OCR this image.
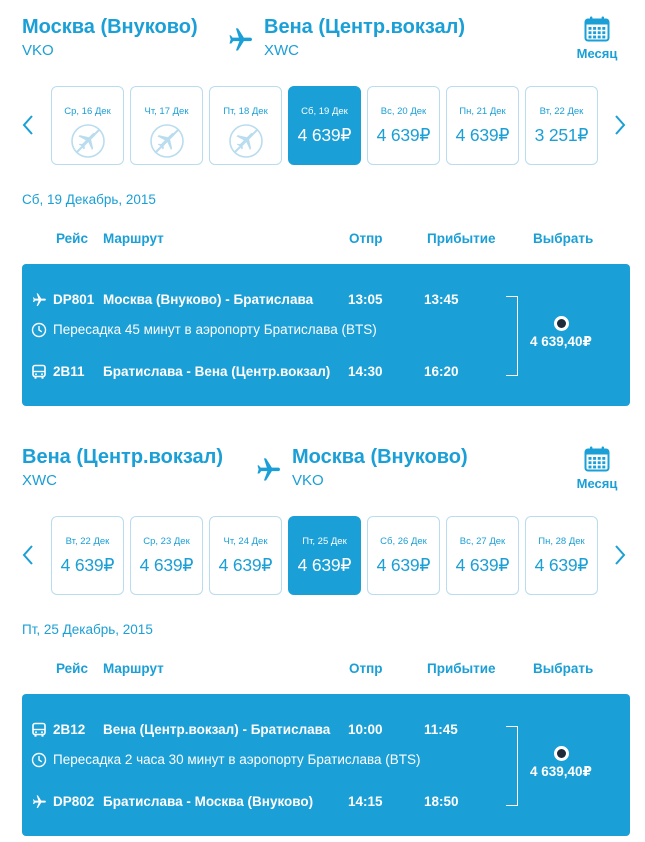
Москва (Внуково)
VKO
Вена (Центр.вокзал)
XWC	Месяц
Ср, 16 Дек	Чт, 17 Дек	Пт, 18 Дек	Сб, 19 Дек
4 639₽
Вс, 20 Дек
4 639₽
Пн, 21 Дек
4 639₽
Вт, 22 Дек
3 251₽
Сб, 19 Декабрь, 2015
Рейс Маршрут	Отпр	Прибытие	Выбрать
DP801 Москва (Внуково) - Братислава	13:05	13:45
Пересадка 45 минут в аэропорту Братислава (BTS)
2B11 Братислава - Вена (Центр.вокзал) 14:30	16:20
4 639,40₽
Вена (Центр.вокзал)
XWC
Москва (Внуково)
VKO	Месяц
Вт, 22 Дек
4 639₽
Ср, 23 Дек
4 639₽
Чт, 24 Дек
4 639₽
Пт, 25 Дек
4 639₽
Сб, 26 Дек
4 639₽
Вс, 27 Дек
4 639₽
Пн, 28 Дек
4 639₽
Пт, 25 Декабрь, 2015
Рейс Маршрут	Отпр	Прибытие	Выбрать
2B12 Вена (Центр.вокзал) - Братислава 10:00	11:45
Пересадка 2 часа 30 минут в аэропорту Братислава (BTS)
DP802 Братислава - Москва (Внуково)	14:15	18:50
4 639,40₽
